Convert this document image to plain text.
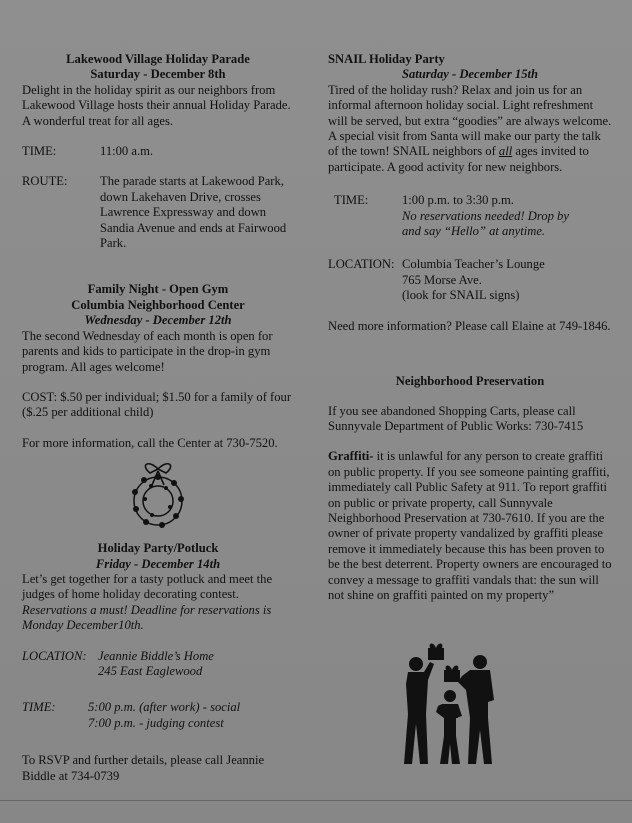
Lakewood Village Holiday Parade

Saturday - December 8th

Delight in the holiday spirit as our neighbors from Lakewood Village hosts their annual Holiday Parade. A wonderful treat for all ages.

TIME:	11:00 a.m.
ROUTE:	The parade starts at Lakewood Park, down Lakehaven Drive, crosses Lawrence Expressway and down Sandia Avenue and ends at Fairwood Park.

Family Night - Open Gym

Columbia Neighborhood Center

Wednesday - December 12th

The second Wednesday of each month is open for parents and kids to participate in the drop-in gym program. All ages welcome!

COST: $.50 per individual; $1.50 for a family of four ($.25 per additional child)

For more information, call the Center at 730-7520.

Holiday Party/Potluck

Friday - December 14th

Let’s get together for a tasty potluck and meet the judges of home holiday decorating contest.

Reservations a must! Deadline for reservations is Monday December10th.

LOCATION: Jeannie Biddle’s Home
245 East Eaglewood
TIME:	5:00 p.m. (after work) - social
7:00 p.m. - judging contest

To RSVP and further details, please call Jeannie Biddle at 734-0739

SNAIL Holiday Party

Saturday - December 15th

Tired of the holiday rush? Relax and join us for an informal afternoon holiday social. Light refreshment will be served, but extra “goodies” are always welcome. A special visit from Santa will make our party the talk of the town! SNAIL neighbors of all ages invited to participate. A good activity for new neighbors.

TIME:	1:00 p.m. to 3:30 p.m.
No reservations needed! Drop by
and say “Hello” at anytime.
LOCATION: Columbia Teacher’s Lounge
765 Morse Ave.
(look for SNAIL signs)

Need more information? Please call Elaine at 749-1846.

Neighborhood Preservation

If you see abandoned Shopping Carts, please call Sunnyvale Department of Public Works: 730-7415

Graffiti- it is unlawful for any person to create graffiti on public property. If you see someone painting graffiti, immediately call Public Safety at 911. To report graffiti on public or private property, call Sunnyvale Neighborhood Preservation at 730-7610. If you are the owner of private property vandalized by graffiti please remove it immediately because this has been proven to be the best deterrent. Property owners are encouraged to convey a message to graffiti vandals that: the sun will not shine on graffiti painted on my property”
